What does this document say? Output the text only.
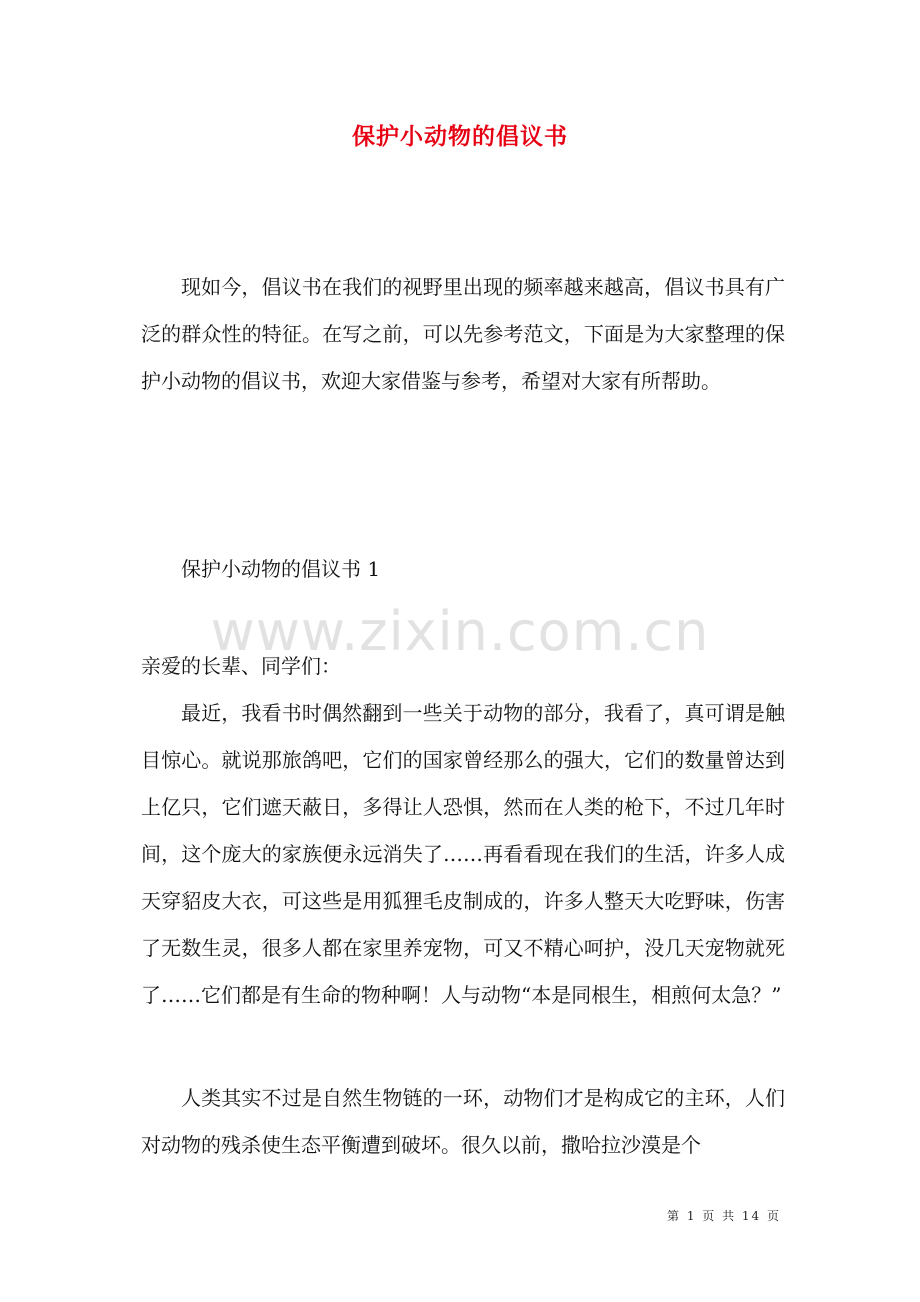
保护小动物的倡议书

现如今，倡议书在我们的视野里出现的频率越来越高，倡议书具有广泛的群众性的特征。在写之前，可以先参考范文，下面是为大家整理的保护小动物的倡议书，欢迎大家借鉴与参考，希望对大家有所帮助。

保护小动物的倡议书 1

www.zixin.com.cn

亲爱的长辈、同学们：

最近，我看书时偶然翻到一些关于动物的部分，我看了，真可谓是触目惊心。就说那旅鸽吧，它们的国家曾经那么的强大，它们的数量曾达到上亿只，它们遮天蔽日，多得让人恐惧，然而在人类的枪下，不过几年时间，这个庞大的家族便永远消失了……再看看现在我们的生活，许多人成天穿貂皮大衣，可这些是用狐狸毛皮制成的，许多人整天大吃野味，伤害了无数生灵，很多人都在家里养宠物，可又不精心呵护，没几天宠物就死了……它们都是有生命的物种啊！人与动物“本是同根生，相煎何太急？”

人类其实不过是自然生物链的一环，动物们才是构成它的主环，人们对动物的残杀使生态平衡遭到破坏。很久以前，撒哈拉沙漠是个

第 1 页 共 14 页
